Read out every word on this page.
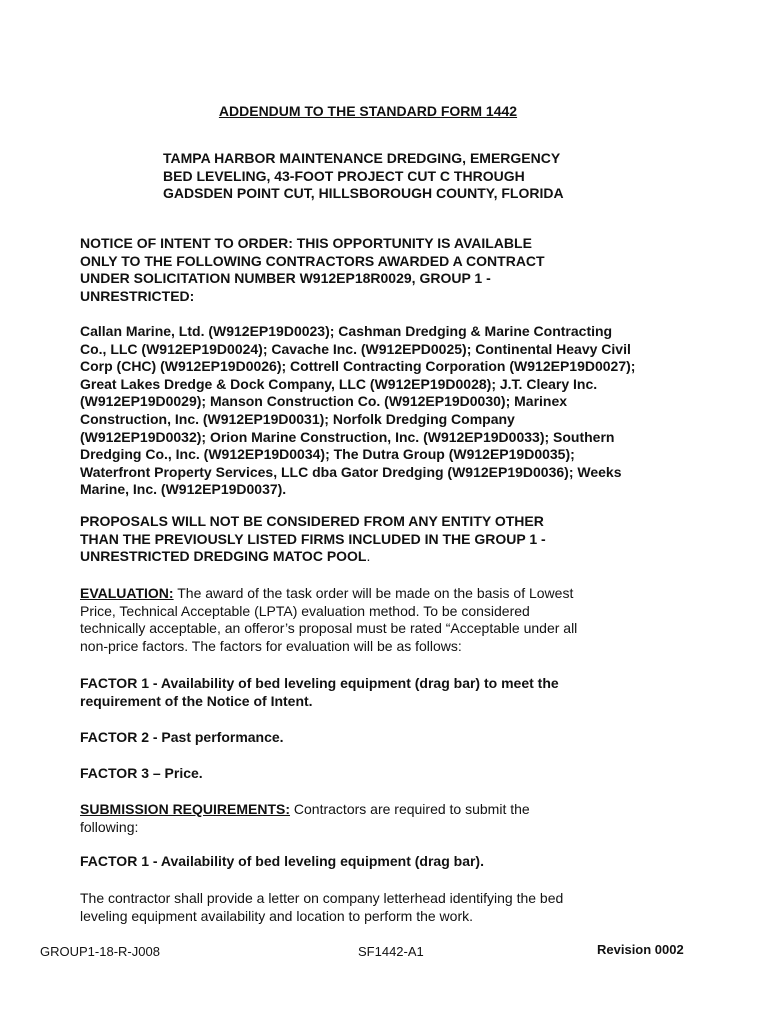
ADDENDUM TO THE STANDARD FORM 1442
TAMPA HARBOR MAINTENANCE DREDGING, EMERGENCY
BED LEVELING, 43-FOOT PROJECT CUT C THROUGH
GADSDEN POINT CUT, HILLSBOROUGH COUNTY, FLORIDA
NOTICE OF INTENT TO ORDER: THIS OPPORTUNITY IS AVAILABLE
ONLY TO THE FOLLOWING CONTRACTORS AWARDED A CONTRACT
UNDER SOLICITATION NUMBER W912EP18R0029, GROUP 1 -
UNRESTRICTED:
Callan Marine, Ltd. (W912EP19D0023); Cashman Dredging & Marine Contracting
Co., LLC (W912EP19D0024); Cavache Inc. (W912EPD0025); Continental Heavy Civil
Corp (CHC) (W912EP19D0026); Cottrell Contracting Corporation (W912EP19D0027);
Great Lakes Dredge & Dock Company, LLC (W912EP19D0028); J.T. Cleary Inc.
(W912EP19D0029); Manson Construction Co. (W912EP19D0030); Marinex
Construction, Inc. (W912EP19D0031); Norfolk Dredging Company
(W912EP19D0032); Orion Marine Construction, Inc. (W912EP19D0033); Southern
Dredging Co., Inc. (W912EP19D0034); The Dutra Group (W912EP19D0035);
Waterfront Property Services, LLC dba Gator Dredging (W912EP19D0036); Weeks
Marine, Inc. (W912EP19D0037).
PROPOSALS WILL NOT BE CONSIDERED FROM ANY ENTITY OTHER
THAN THE PREVIOUSLY LISTED FIRMS INCLUDED IN THE GROUP 1 -
UNRESTRICTED DREDGING MATOC POOL.
EVALUATION: The award of the task order will be made on the basis of Lowest
Price, Technical Acceptable (LPTA) evaluation method. To be considered
technically acceptable, an offeror’s proposal must be rated “Acceptable under all
non-price factors. The factors for evaluation will be as follows:
FACTOR 1 - Availability of bed leveling equipment (drag bar) to meet the
requirement of the Notice of Intent.
FACTOR 2 - Past performance.
FACTOR 3 – Price.
SUBMISSION REQUIREMENTS: Contractors are required to submit the
following:
FACTOR 1 - Availability of bed leveling equipment (drag bar).
The contractor shall provide a letter on company letterhead identifying the bed
leveling equipment availability and location to perform the work.
GROUP1-18-R-J008	SF1442-A1	Revision 0002
